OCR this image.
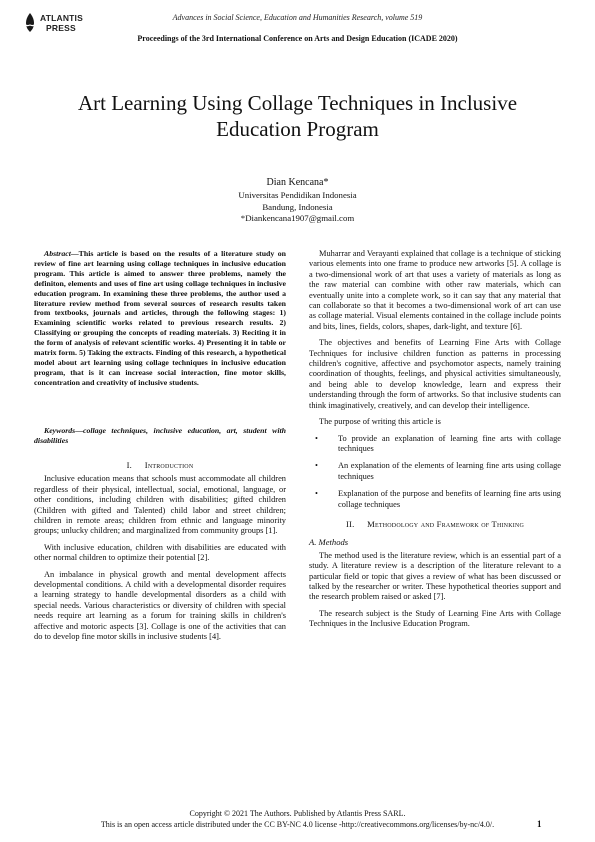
ATLANTIS
PRESS
Advances in Social Science, Education and Humanities Research, volume 519
Proceedings of the 3rd International Conference on Arts and Design Education (ICADE 2020)
Art Learning Using Collage Techniques in Inclusive
Education Program
Dian Kencana*
Universitas Pendidikan Indonesia
Bandung, Indonesia
*Diankencana1907@gmail.com
Abstract—This article is based on the results of a literature study on review of fine art learning using collage techniques in inclusive education program. This article is aimed to answer three problems, namely the definiton, elements and uses of fine art using collage techniques in inclusive education program. In examining these three problems, the author used a literature review method from several sources of research results taken from textbooks, journals and articles, through the following stages: 1) Examining scientific works related to previous research results. 2) Classifying or grouping the concepts of reading materials. 3) Reciting it in the form of analysis of relevant scientific works. 4) Presenting it in table or matrix form. 5) Taking the extracts. Finding of this research, a hypothetical model about art learning using collage techniques in inclusive education program, that is it can increase social interaction, fine motor skills, concentration and creativity of inclusive students.
Keywords—collage techniques, inclusive education, art, student with disabilities
I. Introduction

Inclusive education means that schools must accommodate all children regardless of their physical, intellectual, social, emotional, language, or other conditions, including children with disabilities; gifted children (Children with gifted and Talented) child labor and street children; children in remote areas; children from ethnic and language minority groups; unlucky children; and marginalized from community groups [1].

With inclusive education, children with disabilities are educated with other normal children to optimize their potential [2].

An imbalance in physical growth and mental development affects developmental conditions. A child with a developmental disorder requires a learning strategy to handle developmental disorders as a child with special needs. Various characteristics or diversity of children with special needs require art learning as a forum for training skills in children's affective and motoric aspects [3]. Collage is one of the activities that can do to develop fine motor skills in inclusive students [4].

Muharrar and Verayanti explained that collage is a technique of sticking various elements into one frame to produce new artworks [5]. A collage is a two-dimensional work of art that uses a variety of materials as long as the raw material can combine with other raw materials, which can eventually unite into a complete work, so it can say that any material that can collaborate so that it becomes a two-dimensional work of art can use as collage material. Visual elements contained in the collage include points and bits, lines, fields, colors, shapes, dark-light, and texture [6].

The objectives and benefits of Learning Fine Arts with Collage Techniques for inclusive children function as patterns in processing children's cognitive, affective and psychomotor aspects, namely training coordination of thoughts, feelings, and physical activities simultaneously, and being able to develop knowledge, learn and express their understanding through the form of artworks. So that inclusive students can think imaginatively, creatively, and can develop their intelligence.

The purpose of writing this article is

• To provide an explanation of learning fine arts with collage techniques
• An explanation of the elements of learning fine arts using collage techniques
• Explanation of the purpose and benefits of learning fine arts using collage techniques
II. Methodology and Framework of Thinking
A. Methods

The method used is the literature review, which is an essential part of a study. A literature review is a description of the literature relevant to a particular field or topic that gives a review of what has been discussed or talked by the researcher or writer. These hypothetical theories support and the research problem raised or asked [7].

The research subject is the Study of Learning Fine Arts with Collage Techniques in the Inclusive Education Program.

Copyright © 2021 The Authors. Published by Atlantis Press SARL.
This is an open access article distributed under the CC BY-NC 4.0 license -http://creativecommons.org/licenses/by-nc/4.0/.	1
